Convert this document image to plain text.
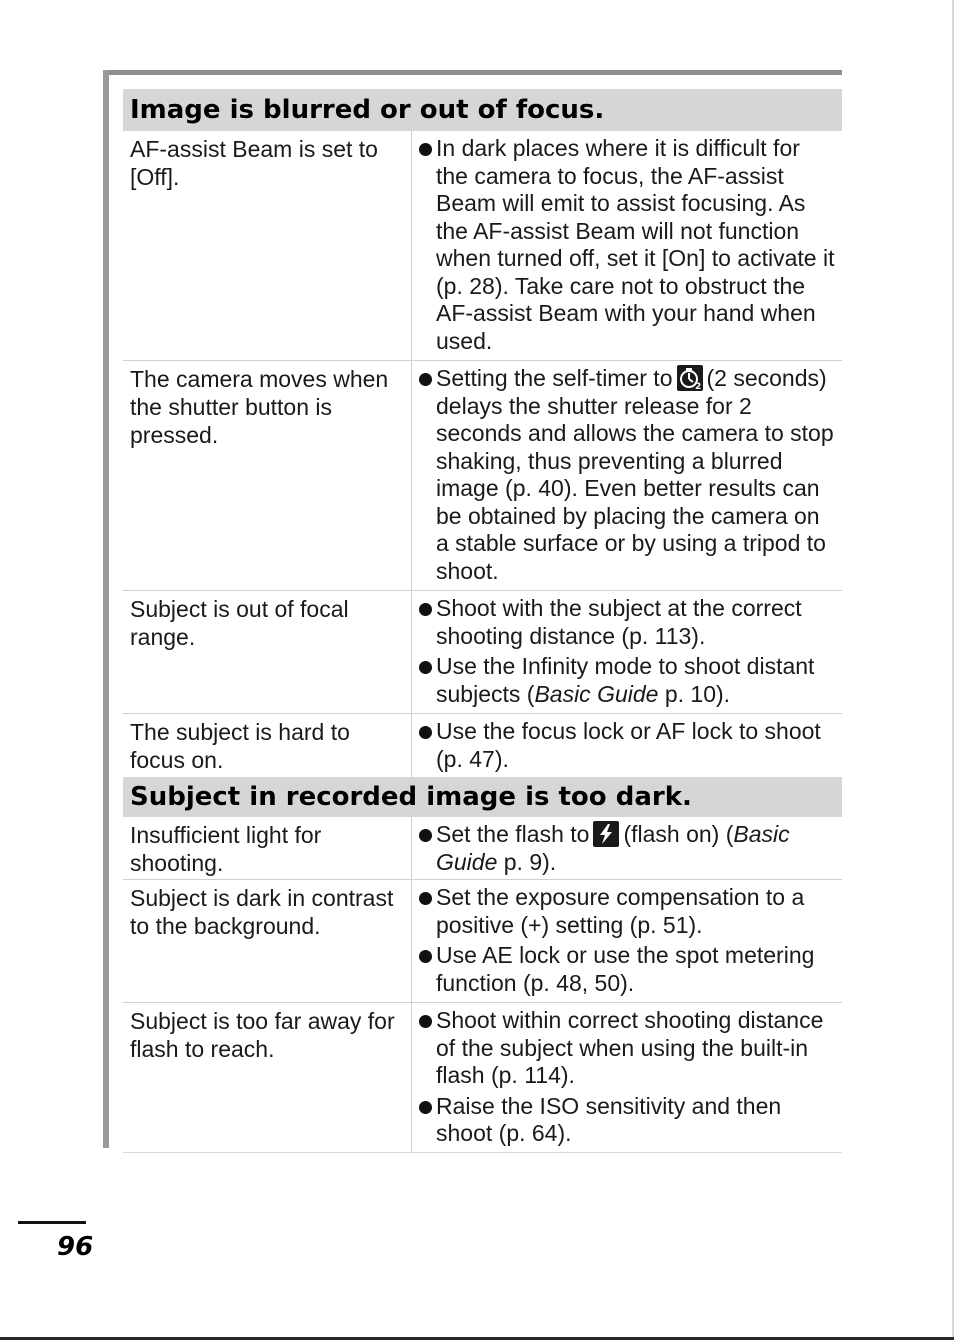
Image is blurred or out of focus.
AF-assist Beam is set to [Off].
In dark places where it is difficult for the camera to focus, the AF-assist Beam will emit to assist focusing. As the AF-assist Beam will not function when turned off, set it [On] to activate it (p. 28). Take care not to obstruct the AF-assist Beam with your hand when used.
The camera moves when the shutter button is pressed.
Setting the self-timer to 2 (2 seconds) delays the shutter release for 2 seconds and allows the camera to stop shaking, thus preventing a blurred image (p. 40). Even better results can be obtained by placing the camera on a stable surface or by using a tripod to shoot.
Subject is out of focal range.
Shoot with the subject at the correct shooting distance (p. 113).
Use the Infinity mode to shoot distant subjects (Basic Guide p. 10).
The subject is hard to focus on.
Use the focus lock or AF lock to shoot (p. 47).
Subject in recorded image is too dark.
Insufficient light for shooting.
Set the flash to (flash on) (Basic Guide p. 9).
Subject is dark in contrast to the background.
Set the exposure compensation to a positive (+) setting (p. 51).
Use AE lock or use the spot metering function (p. 48, 50).
Subject is too far away for flash to reach.
Shoot within correct shooting distance of the subject when using the built-in flash (p. 114).
Raise the ISO sensitivity and then shoot (p. 64).
96
